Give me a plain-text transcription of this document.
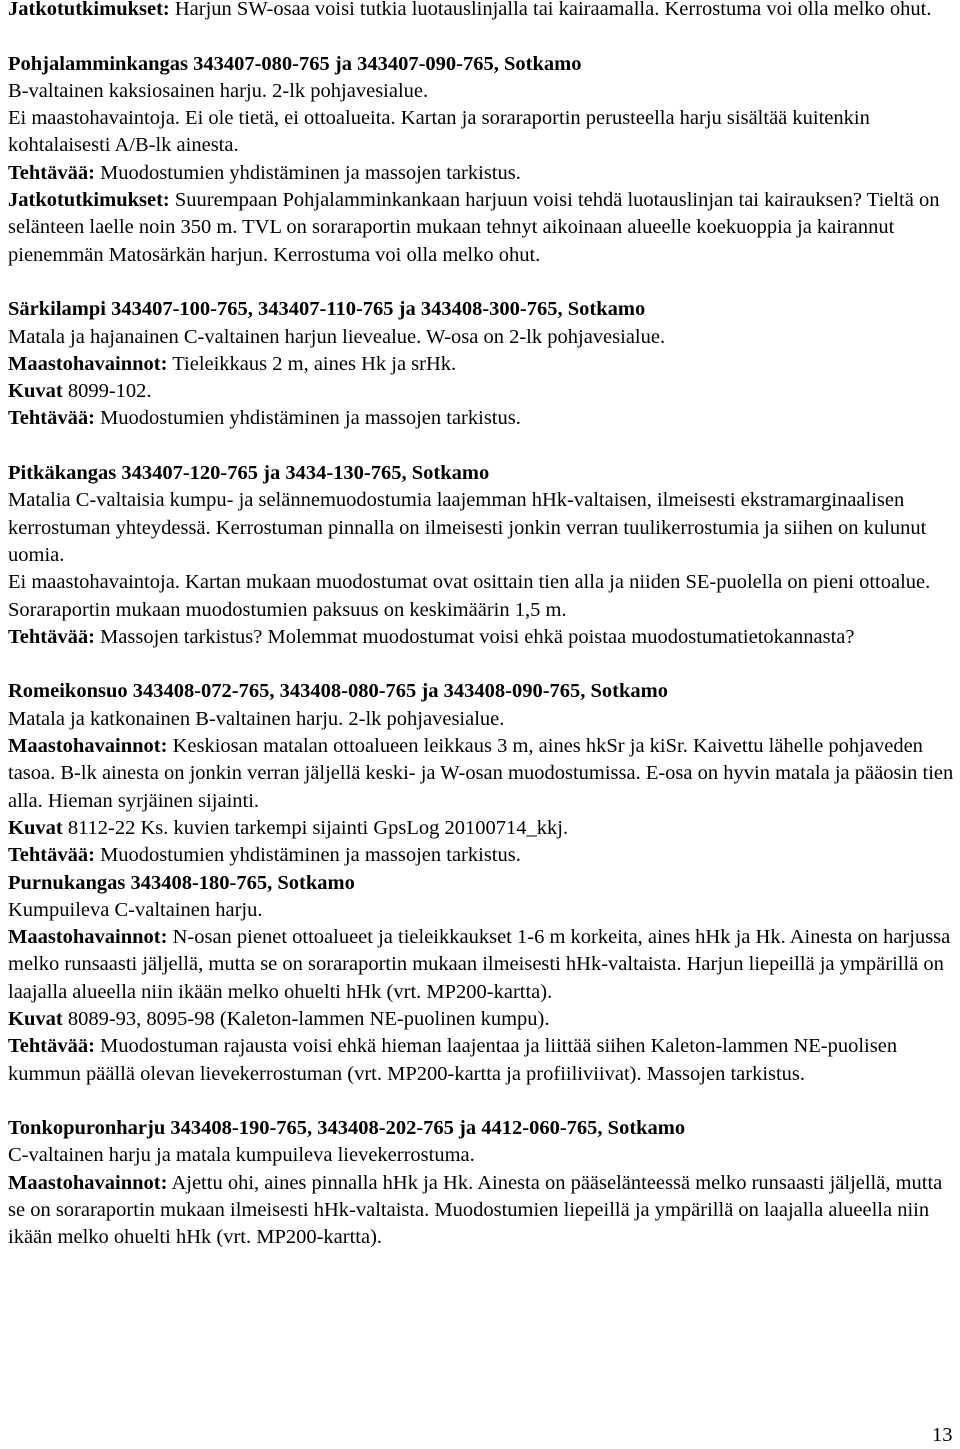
Jatkotutkimukset: Harjun SW-osaa voisi tutkia luotauslinjalla tai kairaamalla. Kerrostuma voi olla melko ohut.
Pohjalamminkangas 343407-080-765 ja 343407-090-765, Sotkamo
B-valtainen kaksiosainen harju. 2-lk pohjavesialue.
Ei maastohavaintoja. Ei ole tietä, ei ottoalueita. Kartan ja soraraportin perusteella harju sisältää kuitenkin kohtalaisesti A/B-lk ainesta.
Tehtävää: Muodostumien yhdistäminen ja massojen tarkistus.
Jatkotutkimukset: Suurempaan Pohjalamminkankaan harjuun voisi tehdä luotauslinjan tai kairauksen? Tieltä on selänteen laelle noin 350 m. TVL on soraraportin mukaan tehnyt aikoinaan alueelle koekuoppia ja kairannut pienemmän Matosärkän harjun. Kerrostuma voi olla melko ohut.
Särkilampi 343407-100-765, 343407-110-765 ja 343408-300-765, Sotkamo
Matala ja hajanainen C-valtainen harjun lievealue. W-osa on 2-lk pohjavesialue.
Maastohavainnot: Tieleikkaus 2 m, aines Hk ja srHk.
Kuvat 8099-102.
Tehtävää: Muodostumien yhdistäminen ja massojen tarkistus.
Pitkäkangas 343407-120-765 ja 3434-130-765, Sotkamo
Matalia C-valtaisia kumpu- ja selännemuodostumia laajemman hHk-valtaisen, ilmeisesti ekstramarginaalisen kerrostuman yhteydessä. Kerrostuman pinnalla on ilmeisesti jonkin verran tuulikerrostumia ja siihen on kulunut uomia.
Ei maastohavaintoja. Kartan mukaan muodostumat ovat osittain tien alla ja niiden SE-puolella on pieni ottoalue. Soraraportin mukaan muodostumien paksuus on keskimäärin 1,5 m.
Tehtävää: Massojen tarkistus? Molemmat muodostumat voisi ehkä poistaa muodostumatietokannasta?
Romeikonsuo 343408-072-765, 343408-080-765 ja 343408-090-765, Sotkamo
Matala ja katkonainen B-valtainen harju. 2-lk pohjavesialue.
Maastohavainnot: Keskiosan matalan ottoalueen leikkaus 3 m, aines hkSr ja kiSr. Kaivettu lähelle pohjaveden tasoa. B-lk ainesta on jonkin verran jäljellä keski- ja W-osan muodostumissa. E-osa on hyvin matala ja pääosin tien alla. Hieman syrjäinen sijainti.
Kuvat 8112-22 Ks. kuvien tarkempi sijainti GpsLog 20100714_kkj.
Tehtävää: Muodostumien yhdistäminen ja massojen tarkistus.
Purnukangas 343408-180-765, Sotkamo
Kumpuileva C-valtainen harju.
Maastohavainnot: N-osan pienet ottoalueet ja tieleikkaukset 1-6 m korkeita, aines hHk ja Hk. Ainesta on harjussa melko runsaasti jäljellä, mutta se on soraraportin mukaan ilmeisesti hHk-valtaista. Harjun liepeillä ja ympärillä on laajalla alueella niin ikään melko ohuelti hHk (vrt. MP200-kartta).
Kuvat 8089-93, 8095-98 (Kaleton-lammen NE-puolinen kumpu).
Tehtävää: Muodostuman rajausta voisi ehkä hieman laajentaa ja liittää siihen Kaleton-lammen NE-puolisen kummun päällä olevan lievekerrostuman (vrt. MP200-kartta ja profiiliviivat). Massojen tarkistus.
Tonkopuronharju 343408-190-765, 343408-202-765 ja 4412-060-765, Sotkamo
C-valtainen harju ja matala kumpuileva lievekerrostuma.
Maastohavainnot: Ajettu ohi, aines pinnalla hHk ja Hk. Ainesta on pääselänteessä melko runsaasti jäljellä, mutta se on soraraportin mukaan ilmeisesti hHk-valtaista. Muodostumien liepeillä ja ympärillä on laajalla alueella niin ikään melko ohuelti hHk (vrt. MP200-kartta).
13
